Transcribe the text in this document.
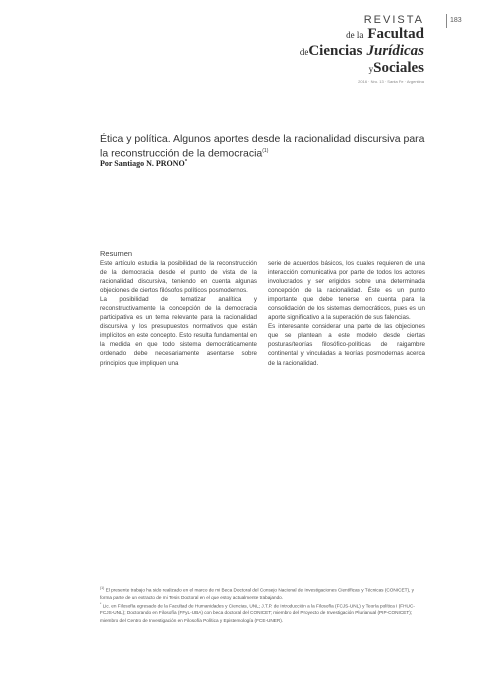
183
REVISTA
de la Facultad
deCiencias Jurídicas
ySociales
2016 · Nro. 13 · Santa Fe · Argentina
Ética y política. Algunos aportes desde la racionalidad discursiva para la reconstrucción de la democracia$^{(1)}$
Por Santiago N. PRONO*
Resumen

Este artículo estudia la posibilidad de la reconstrucción de la democracia desde el punto de vista de la racionalidad discursiva, teniendo en cuenta algunas objeciones de ciertos filósofos políticos posmodernos.

La posibilidad de tematizar analítica y reconstructivamente la concepción de la democracia participativa es un tema relevante para la racionalidad discursiva y los presupuestos normativos que están implícitos en este concepto. Esto resulta fundamental en la medida en que todo sistema democráticamente ordenado debe necesariamente asentarse sobre principios que impliquen una

serie de acuerdos básicos, los cuales requieren de una interacción comunicativa por parte de todos los actores involucrados y ser erigidos sobre una determinada concepción de la racionalidad. Éste es un punto importante que debe tenerse en cuenta para la consolidación de los sistemas democráticos, pues es un aporte significativo a la superación de sus falencias.

Es interesante considerar una parte de las objeciones que se plantean a este modelo desde ciertas posturas/teorías filosófico-políticas de raigambre continental y vinculadas a teorías posmodernas acerca de la racionalidad.

$^{(1)}$ El presente trabajo ha sido realizado en el marco de mi Beca Doctoral del Consejo Nacional de Investigaciones Científicas y Técnicas (CONICET), y forma parte de un extracto de mi Tesis Doctoral en el que estoy actualmente trabajando.

* Lic. en Filosofía egresado de la Facultad de Humanidades y Ciencias, UNL; J.T.P. de Introducción a la Filosofía (FCJS-UNL) y Teoría política I (FHUC-FCJS-UNL); Doctorando en Filosofía (FFyL-UBA) con beca doctoral del CONICET; miembro del Proyecto de Investigación Plurianual (PIP-CONICET); miembro del Centro de Investigación en Filosofía Política y Epistemología (FCE-UNER).
